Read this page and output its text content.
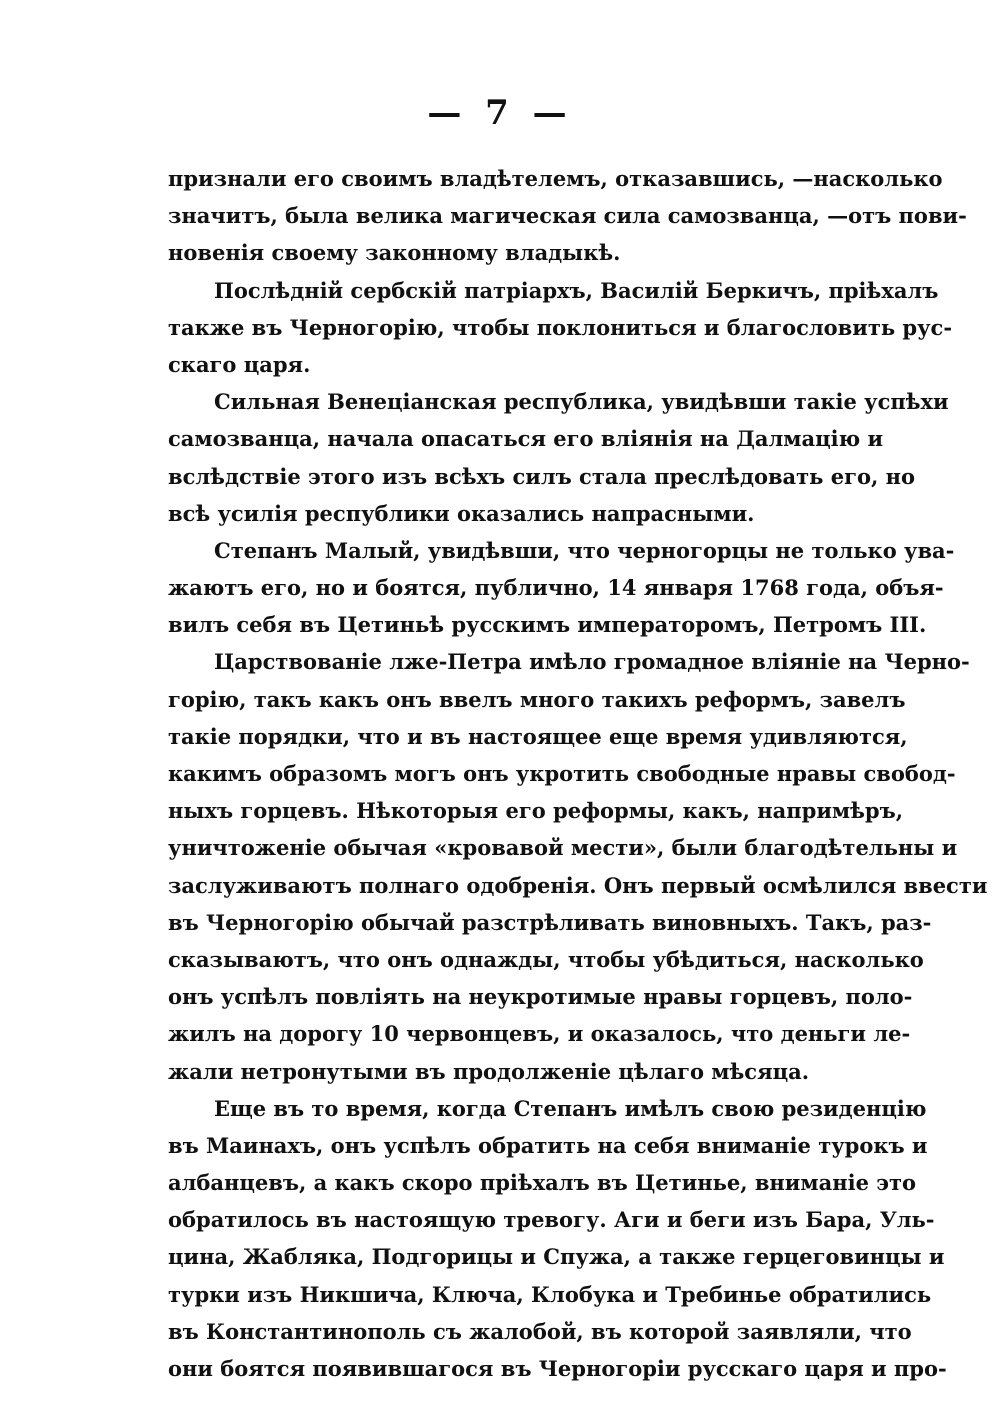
— 7 —
признали его своимъ владѣтелемъ, отказавшись, —насколько
значитъ, была велика магическая сила самозванца, —отъ пови-
новенія своему законному владыкѣ.
Послѣдній сербскій патріархъ, Василій Беркичъ, пріѣхалъ
также въ Черногорію, чтобы поклониться и благословить рус-
скаго царя.
Сильная Венеціанская республика, увидѣвши такіе успѣхи
самозванца, начала опасаться его вліянія на Далмацію и
вслѣдствіе этого изъ всѣхъ силъ стала преслѣдовать его, но
всѣ усилія республики оказались напрасными.
Степанъ Малый, увидѣвши, что черногорцы не только ува-
жаютъ его, но и боятся, публично, 14 января 1768 года, объя-
вилъ себя въ Цетиньѣ русскимъ императоромъ, Петромъ III.
Царствованіе лже-Петра имѣло громадное вліяніе на Черно-
горію, такъ какъ онъ ввелъ много такихъ реформъ, завелъ
такіе порядки, что и въ настоящее еще время удивляются,
какимъ образомъ могъ онъ укротить свободные нравы свобод-
ныхъ горцевъ. Нѣкоторыя его реформы, какъ, напримѣръ,
уничтоженіе обычая «кровавой мести», были благодѣтельны и
заслуживаютъ полнаго одобренія. Онъ первый осмѣлился ввести
въ Черногорію обычай разстрѣливать виновныхъ. Такъ, раз-
сказываютъ, что онъ однажды, чтобы убѣдиться, насколько
онъ успѣлъ повліять на неукротимые нравы горцевъ, поло-
жилъ на дорогу 10 червонцевъ, и оказалось, что деньги ле-
жали нетронутыми въ продолженіе цѣлаго мѣсяца.
Еще въ то время, когда Степанъ имѣлъ свою резиденцію
въ Маинахъ, онъ успѣлъ обратить на себя вниманіе турокъ и
албанцевъ, а какъ скоро пріѣхалъ въ Цетинье, вниманіе это
обратилось въ настоящую тревогу. Аги и беги изъ Бара, Уль-
цина, Жабляка, Подгорицы и Спужа, а также герцеговинцы и
турки изъ Никшича, Ключа, Клобука и Требинье обратились
въ Константинополь съ жалобой, въ которой заявляли, что
они боятся появившагося въ Черногоріи русскаго царя и про-
